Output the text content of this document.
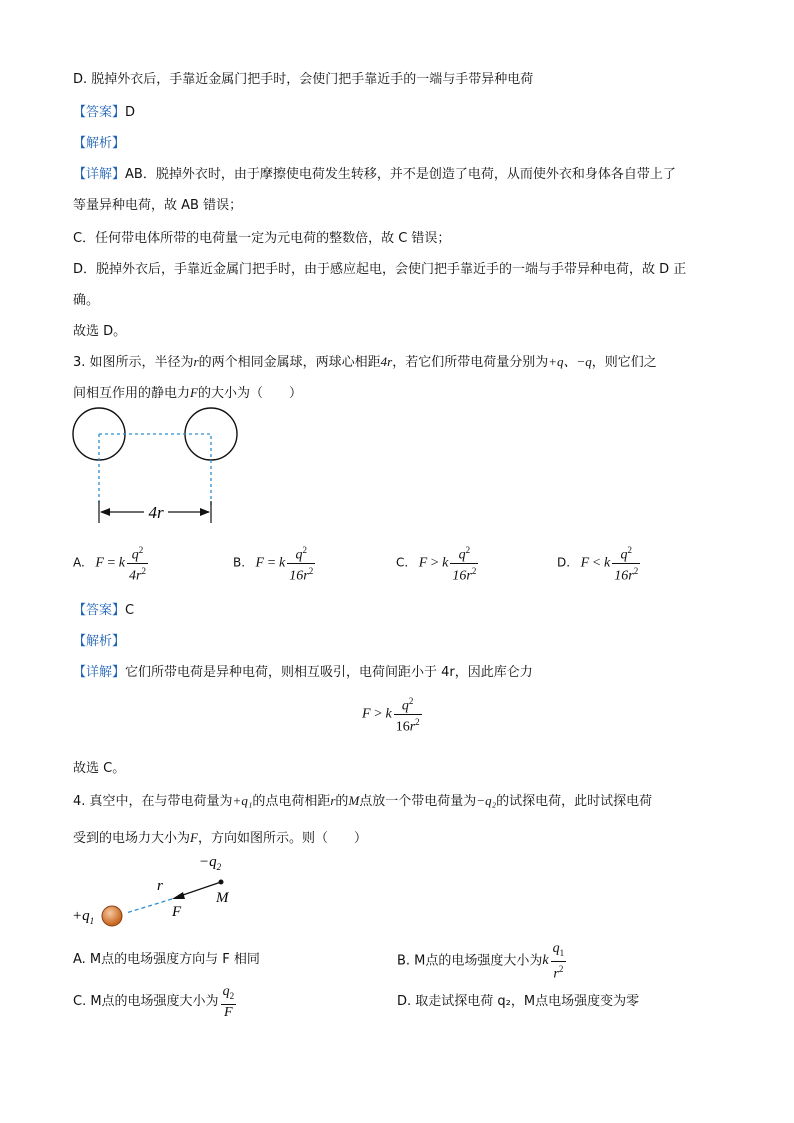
D. 脱掉外衣后，手靠近金属门把手时，会使门把手靠近手的一端与手带异种电荷
【答案】D
【解析】
【详解】AB．脱掉外衣时，由于摩擦使电荷发生转移，并不是创造了电荷，从而使外衣和身体各自带上了
等量异种电荷，故 AB 错误；
C．任何带电体所带的电荷量一定为元电荷的整数倍，故 C 错误；
D．脱掉外衣后，手靠近金属门把手时，由于感应起电，会使门把手靠近手的一端与手带异种电荷，故 D 正
确。
故选 D。
3. 如图所示，半径为r的两个相同金属球，两球心相距4r，若它们所带电荷量分别为+q、−q，则它们之
间相互作用的静电力F的大小为（　　）
4r
A. F = k $\frac{q^2}{4r^2}$	B. F = k $\frac{q^2}{16r^2}$	C. F > k $\frac{q^2}{16r^2}$	D. F < k $\frac{q^2}{16r^2}$
【答案】C
【解析】
【详解】它们所带电荷是异种电荷，则相互吸引，电荷间距小于 4r，因此库仑力
F > k $\frac{q^2}{16r^2}$
故选 C。
4. 真空中，在与带电荷量为+q₁的点电荷相距r的M点放一个带电荷量为−q₂的试探电荷，此时试探电荷
受到的电场力大小为F，方向如图所示。则（　　）
$-q_2$
r
M
F
$+q_1$
A. M点的电场强度方向与 F 相同	B. M点的电场强度大小为k $\frac{q_1}{r^2}$
C. M点的电场强度大小为 $\frac{q_2}{F}$	D. 取走试探电荷 q₂，M点电场强度变为零
